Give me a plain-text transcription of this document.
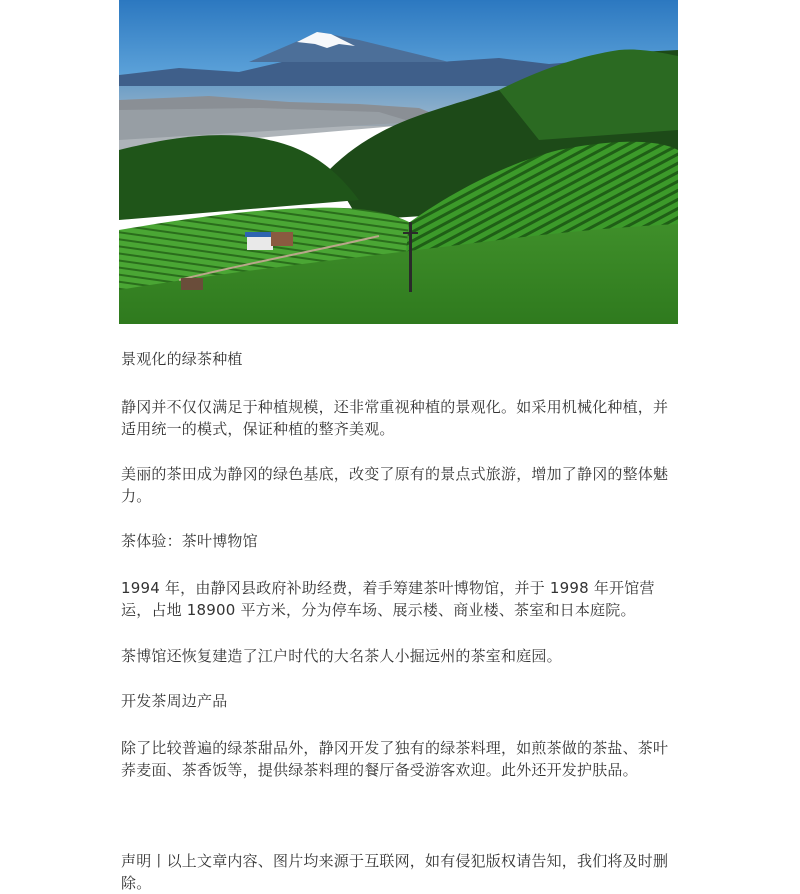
景观化的绿茶种植
静冈并不仅仅满足于种植规模，还非常重视种植的景观化。如采用机械化种植，并适用统一的模式，保证种植的整齐美观。
美丽的茶田成为静冈的绿色基底，改变了原有的景点式旅游，增加了静冈的整体魅力。
茶体验：茶叶博物馆
1994 年，由静冈县政府补助经费，着手筹建茶叶博物馆，并于 1998 年开馆营运，占地 18900 平方米，分为停车场、展示楼、商业楼、茶室和日本庭院。
茶博馆还恢复建造了江户时代的大名茶人小掘远州的茶室和庭园。
开发茶周边产品
除了比较普遍的绿茶甜品外，静冈开发了独有的绿茶料理，如煎茶做的茶盐、茶叶荞麦面、茶香饭等，提供绿茶料理的餐厅备受游客欢迎。此外还开发护肤品。
声明丨以上文章内容、图片均来源于互联网，如有侵犯版权请告知，我们将及时删除。
